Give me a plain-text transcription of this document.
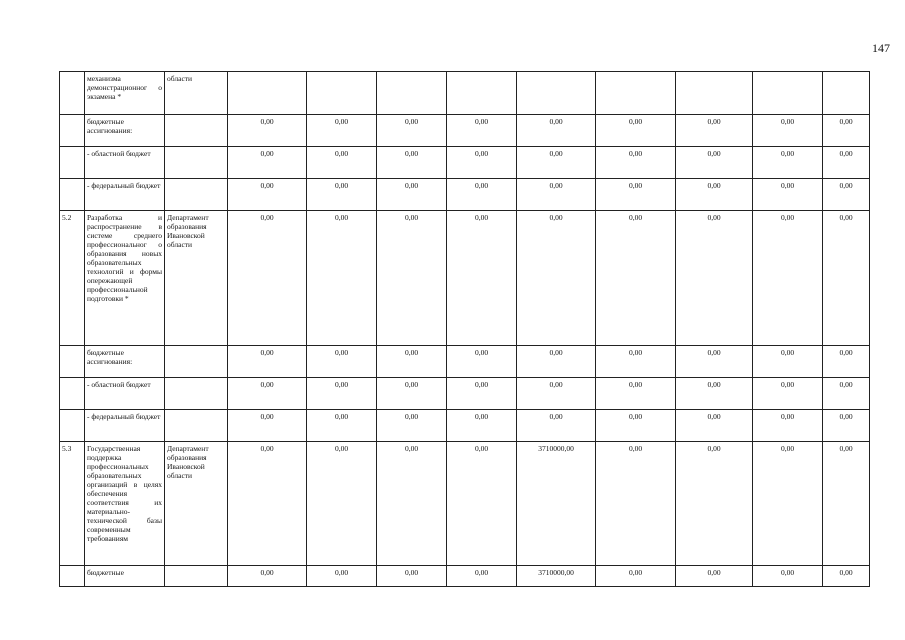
147
	механизма демонстрационног о экзамена *	области									
	бюджетные ассигнования:		0,00	0,00	0,00	0,00	0,00	0,00	0,00	0,00	0,00
	- областной бюджет		0,00	0,00	0,00	0,00	0,00	0,00	0,00	0,00	0,00
	- федеральный бюджет		0,00	0,00	0,00	0,00	0,00	0,00	0,00	0,00	0,00
5.2	Разработка и распространение в системе среднего профессиональног о образования новых образовательных технологий и формы опережающей профессиональной подготовки *	Департамент образования Ивановской области	0,00	0,00	0,00	0,00	0,00	0,00	0,00	0,00	0,00
	бюджетные ассигнования:		0,00	0,00	0,00	0,00	0,00	0,00	0,00	0,00	0,00
	- областной бюджет		0,00	0,00	0,00	0,00	0,00	0,00	0,00	0,00	0,00
	- федеральный бюджет		0,00	0,00	0,00	0,00	0,00	0,00	0,00	0,00	0,00
5.3	Государственная поддержка профессиональных образовательных организаций в целях обеспечения соответствия их материально-технической базы современным требованиям	Департамент образования Ивановской области	0,00	0,00	0,00	0,00	3710000,00	0,00	0,00	0,00	0,00
	бюджетные		0,00	0,00	0,00	0,00	3710000,00	0,00	0,00	0,00	0,00
